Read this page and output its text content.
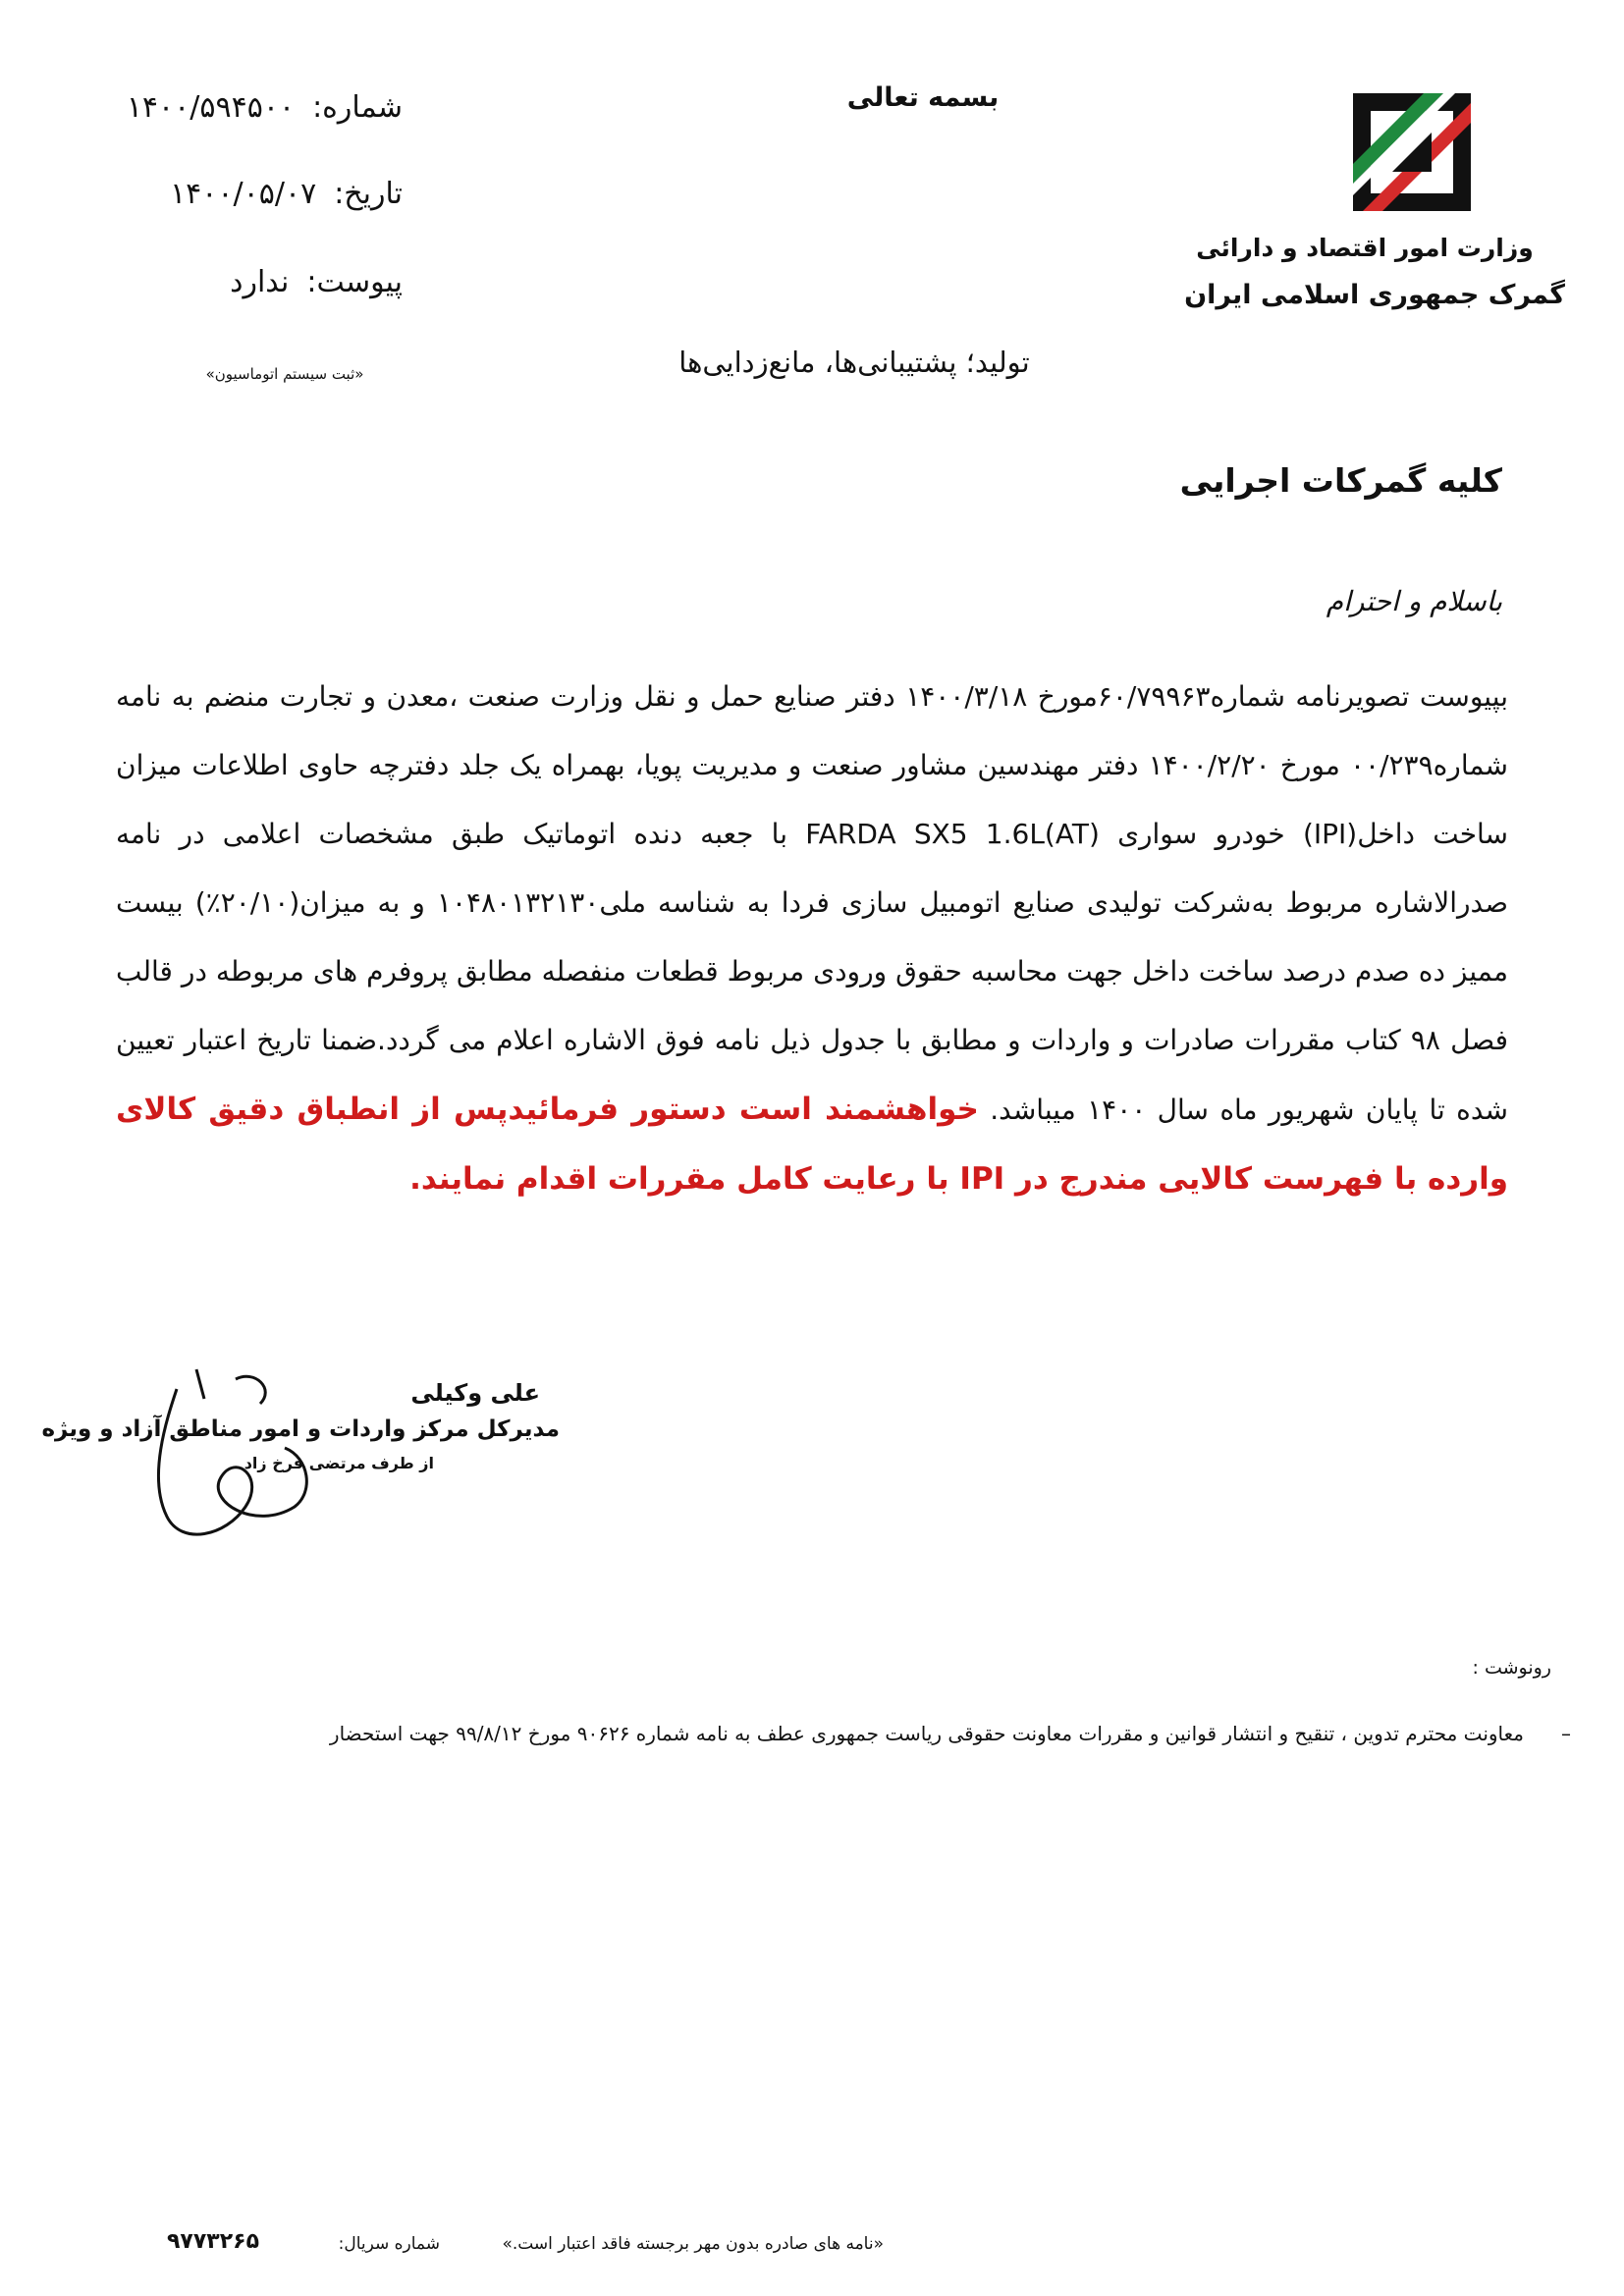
بسمه تعالی
وزارت امور اقتصاد و دارائی
گمرک جمهوری اسلامی ایران
شماره:
۱۴۰۰/۵۹۴۵۰۰
تاریخ:
۱۴۰۰/۰۵/۰۷
پیوست:
ندارد
«ثبت سیستم اتوماسیون»	تولید؛ پشتیبانی‌ها، مانع‌زدایی‌ها
کلیه گمرکات اجرایی
باسلام و احترام
بپیوست تصویرنامه شماره۶۰/۷۹۹۶۳مورخ ۱۴۰۰/۳/۱۸ دفتر صنایع حمل و نقل وزارت صنعت ،معدن و تجارت منضم به نامه شماره۰۰/۲۳۹ مورخ ۱۴۰۰/۲/۲۰ دفتر مهندسین مشاور صنعت و مدیریت پویا، بهمراه یک جلد دفترچه حاوی اطلاعات میزان ساخت داخل(IPI) خودرو سواری FARDA SX5 1.6L(AT) با جعبه دنده اتوماتیک طبق مشخصات اعلامی در نامه صدرالاشاره مربوط به‌شرکت تولیدی صنایع اتومبیل سازی فردا به شناسه ملی۱۰۴۸۰۱۳۲۱۳۰ و به میزان(۲۰/۱۰٪) بیست ممیز ده صدم درصد ساخت داخل جهت محاسبه حقوق ورودی مربوط قطعات منفصله مطابق پروفرم های مربوطه در قالب فصل ۹۸ کتاب مقررات صادرات و واردات و مطابق با جدول ذیل نامه فوق الاشاره اعلام می گردد.ضمنا تاریخ اعتبار تعیین شده تا پایان شهریور ماه سال ۱۴۰۰ میباشد. خواهشمند است دستور فرمائیدپس از انطباق دقیق کالای وارده با فهرست کالایی مندرج در IPI با رعایت کامل مقررات اقدام نمایند.
علی وکیلی
مدیرکل مرکز واردات و امور مناطق آزاد و ویژه
از طرف مرتضی فرخ زاد
رونوشت :
–معاونت محترم تدوین ، تنقیح و انتشار قوانین و مقررات معاونت حقوقی ریاست جمهوری عطف به نامه شماره ۹۰۶۲۶ مورخ ۹۹/۸/۱۲ جهت استحضار
«نامه های صادره بدون مهر برجسته فاقد اعتبار است.»
شماره سریال:
۹۷۷۳۲۶۵
